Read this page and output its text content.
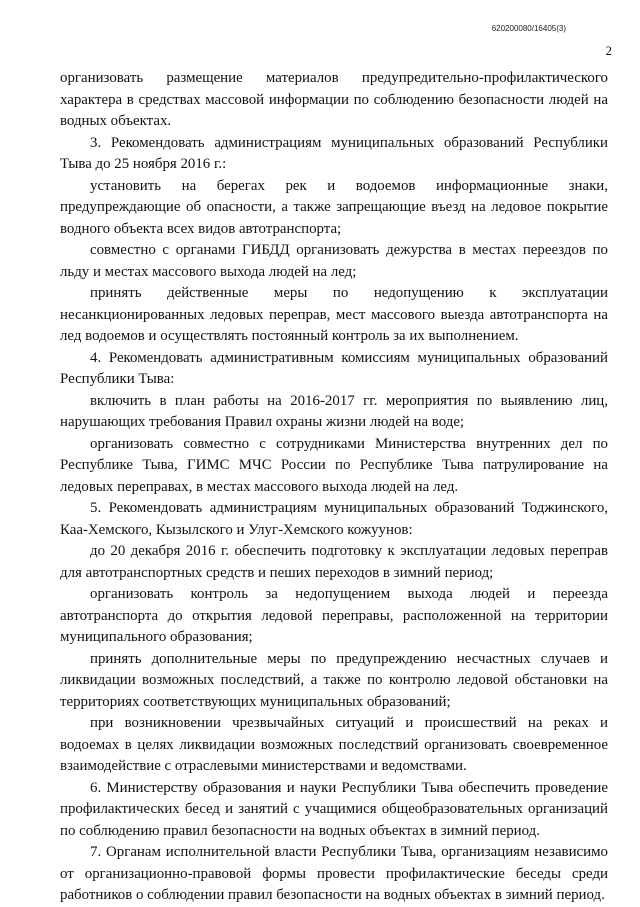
620200080/16405(3)
2

организовать размещение материалов предупредительно-профилактического характера в средствах массовой информации по соблюдению безопасности людей на водных объектах.

3. Рекомендовать администрациям муниципальных образований Республики Тыва до 25 ноября 2016 г.:

установить на берегах рек и водоемов информационные знаки, предупреждающие об опасности, а также запрещающие въезд на ледовое покрытие водного объекта всех видов автотранспорта;

совместно с органами ГИБДД организовать дежурства в местах переездов по льду и местах массового выхода людей на лед;

принять действенные меры по недопущению к эксплуатации несанкционированных ледовых переправ, мест массового выезда автотранспорта на лед водоемов и осуществлять постоянный контроль за их выполнением.

4. Рекомендовать административным комиссиям муниципальных образований Республики Тыва:

включить в план работы на 2016-2017 гг. мероприятия по выявлению лиц, нарушающих требования Правил охраны жизни людей на воде;

организовать совместно с сотрудниками Министерства внутренних дел по Республике Тыва, ГИМС МЧС России по Республике Тыва патрулирование на ледовых переправах, в местах массового выхода людей на лед.

5. Рекомендовать администрациям муниципальных образований Тоджинского, Каа-Хемского, Кызылского и Улуг-Хемского кожуунов:

до 20 декабря 2016 г. обеспечить подготовку к эксплуатации ледовых переправ для автотранспортных средств и пеших переходов в зимний период;

организовать контроль за недопущением выхода людей и переезда автотранспорта до открытия ледовой переправы, расположенной на территории муниципального образования;

принять дополнительные меры по предупреждению несчастных случаев и ликвидации возможных последствий, а также по контролю ледовой обстановки на территориях соответствующих муниципальных образований;

при возникновении чрезвычайных ситуаций и происшествий на реках и водоемах в целях ликвидации возможных последствий организовать своевременное взаимодействие с отраслевыми министерствами и ведомствами.

6. Министерству образования и науки Республики Тыва обеспечить проведение профилактических бесед и занятий с учащимися общеобразовательных организаций по соблюдению правил безопасности на водных объектах в зимний период.

7. Органам исполнительной власти Республики Тыва, организациям независимо от организационно-правовой формы провести профилактические беседы среди работников о соблюдении правил безопасности на водных объектах в зимний период.
